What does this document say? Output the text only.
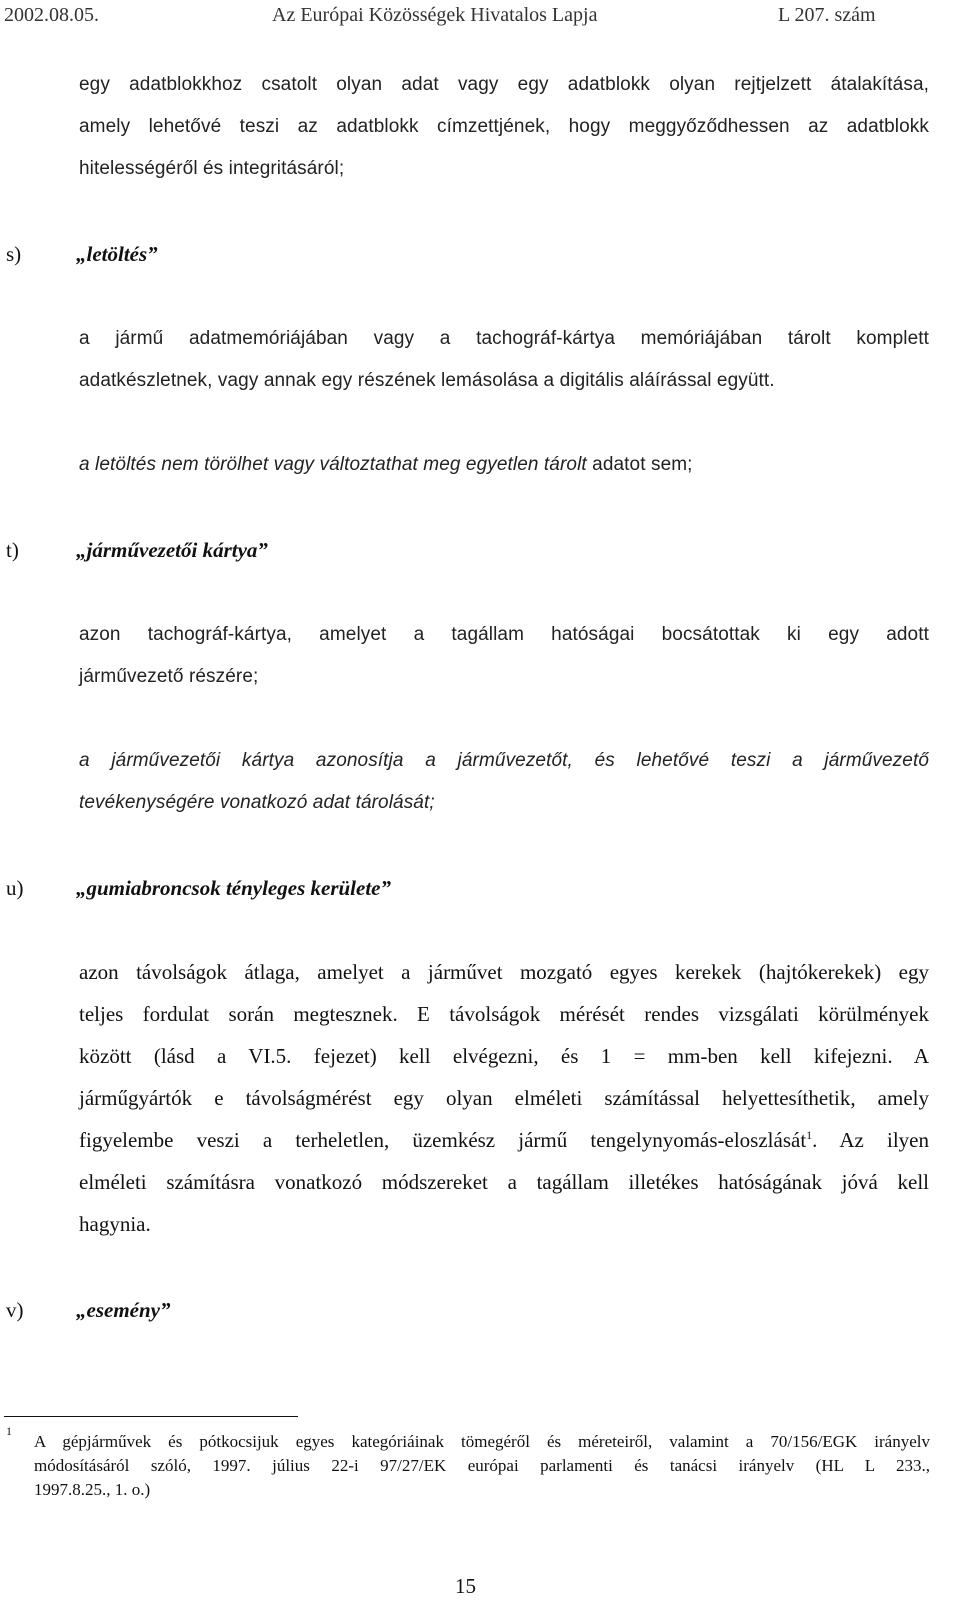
2002.08.05.	Az Európai Közösségek Hivatalos Lapja	L 207. szám
egy adatblokkhoz csatolt olyan adat vagy egy adatblokk olyan rejtjelzett átalakítása,
amely lehetővé teszi az adatblokk címzettjének, hogy meggyőződhessen az adatblokk
hitelességéről és integritásáról;
s)	„letöltés”
a jármű adatmemóriájában vagy a tachográf-kártya memóriájában tárolt komplett
adatkészletnek, vagy annak egy részének lemásolása a digitális aláírással együtt.
a letöltés nem törölhet vagy változtathat meg egyetlen tárolt adatot sem;
t)	„járművezetői kártya”
azon tachográf-kártya, amelyet a tagállam hatóságai bocsátottak ki egy adott
járművezető részére;
a járművezetői kártya azonosítja a járművezetőt, és lehetővé teszi a járművezető
tevékenységére vonatkozó adat tárolását;
u)	„gumiabroncsok tényleges kerülete”
azon távolságok átlaga, amelyet a járművet mozgató egyes kerekek (hajtókerekek) egy
teljes fordulat során megtesznek. E távolságok mérését rendes vizsgálati körülmények
között (lásd a VI.5. fejezet) kell elvégezni, és 1 = mm-ben kell kifejezni. A
járműgyártók e távolságmérést egy olyan elméleti számítással helyettesíthetik, amely
figyelembe veszi a terheletlen, üzemkész jármű tengelynyomás-eloszlását$^1$. Az ilyen
elméleti számításra vonatkozó módszereket a tagállam illetékes hatóságának jóvá kell
hagynia.
v)	„esemény”
1
A gépjárművek és pótkocsijuk egyes kategóriáinak tömegéről és méreteiről, valamint a 70/156/EGK irányelv
módosításáról szóló, 1997. július 22-i 97/27/EK európai parlamenti és tanácsi irányelv (HL L 233.,
1997.8.25., 1. o.)
15
